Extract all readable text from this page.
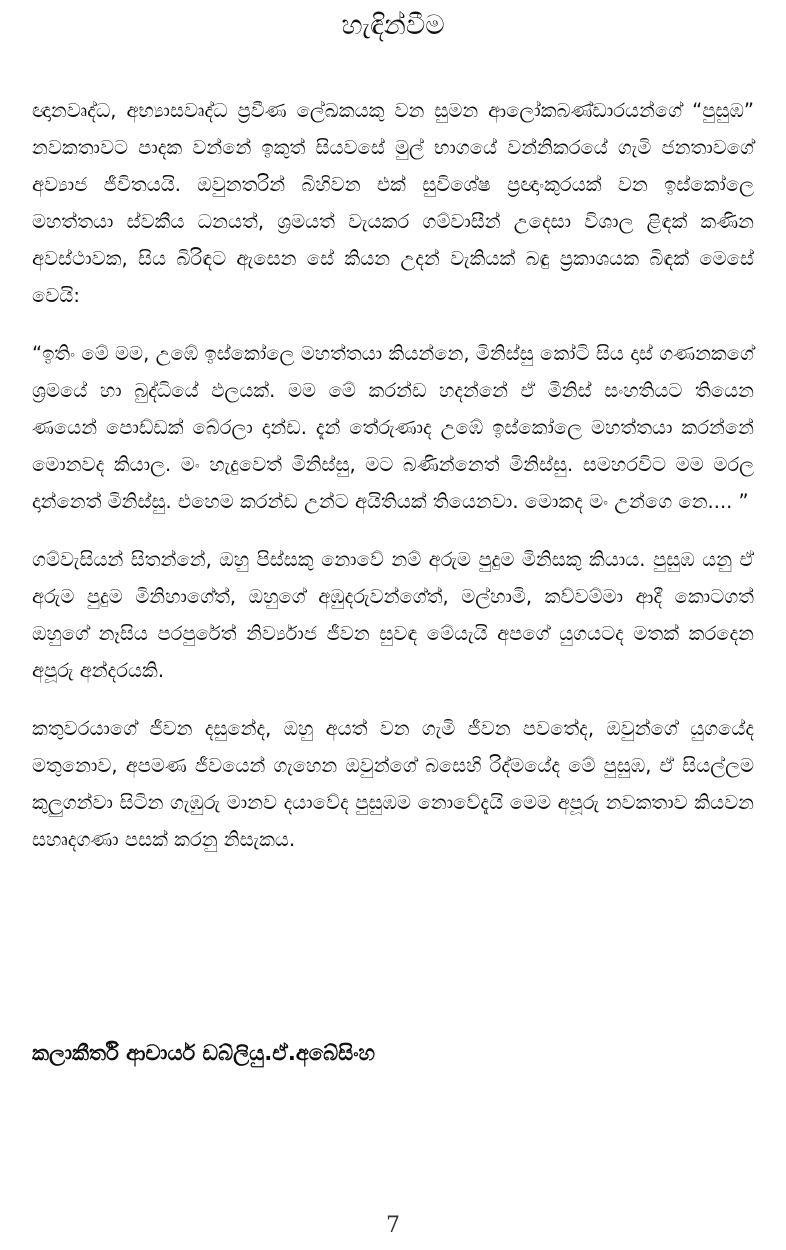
හැඳින්වීම

ඥානවෘද්ධ, අභ්‍යාසවෘද්ධ ප්‍රවීණ ලේඛකයකු වන සුමන ආලෝකබණ්ඩාරයන්ගේ “පුසුඹ” නවකතාවට පාදක වන්නේ ඉකුත් සියවසේ මුල් භාගයේ වන්නිකරයේ ගැමි ජනතාවගේ අව්‍යාජ ජීවිතයයි. ඔවුනතරින් බිහිවන එක් සුවිශේෂ ප්‍රඥාංකුරයක් වන ඉස්කෝලෙ මහත්තයා ස්වකීය ධනයත්, ශ්‍රමයත් වැයකර ගම්වාසීන් උදෙසා විශාල ළිඳක් කණින අවස්ථාවක, සිය බිරිඳට ඇසෙන සේ කියන උදන් වැකියක් බඳු ප්‍රකාශයක බිඳක් මෙසේ වෙයි:

“ඉතිං මේ මම, උඹේ ඉස්කෝලෙ මහත්තයා කියන්නෙ, මිනිස්සු කෝටි සිය දාස් ගණනකගේ ශ්‍රමයේ හා බුද්ධියේ ඵලයක්. මම මේ කරන්ඩ හදන්නේ ඒ මිනිස් සංහතියට තියෙන ණයෙන් පොඩ්ඩක් බේරලා දාන්ඩ. දැන් තේරුණාද උඹේ ඉස්කෝලෙ මහත්තයා කරන්නේ මොනවද කියාල. මං හැදුවෙත් මිනිස්සු, මට බණින්නෙත් මිනිස්සු. සමහරවිට මම මරල දාන්නෙත් මිනිස්සු. එහෙම කරන්ඩ උන්ට අයිතියක් තියෙනවා. මොකද මං උන්ගෙ නෙ.... ”

ගම්වැසියන් සිතන්නේ, ඔහු පිස්සකු නොවේ නම් අරුම පුදුම මිනිසකු කියාය. පුසුඹ යනු ඒ අරුම පුදුම මිනිහාගේත්, ඔහුගේ අඹුදරුවන්ගේත්, මල්හාමි, කව්වම්මා ආදී කොටගත් ඔහුගේ නෑසිය පරපුරේත් නිර්ව්‍යාජ ජීවන සුවඳ මේයැයි අපගේ යුගයටද මතක් කරදෙන අපූරු අන්දරයකි.

කතුවරයාගේ ජීවන දසුනේද, ඔහු අයත් වන ගැමි ජීවන පවතේද, ඔවුන්ගේ යුගයේද මතුනොව, අපමණ ජීවයෙන් ගැහෙන ඔවුන්ගේ බසෙහි රිද්මයේද මේ පුසුඹ, ඒ සියල්ලම කුලුගන්වා සිටින ගැඹුරු මානව දයාවේද පුසුඹම නොවේදැයි මෙම අපූරු නවකතාව කියවන සහෘදගණා පසක් කරනු නිසැකය.

කලාකීර්ති ආචාර්ය ඩබ්ලියු.ඒ.අබේසිංහ

7
